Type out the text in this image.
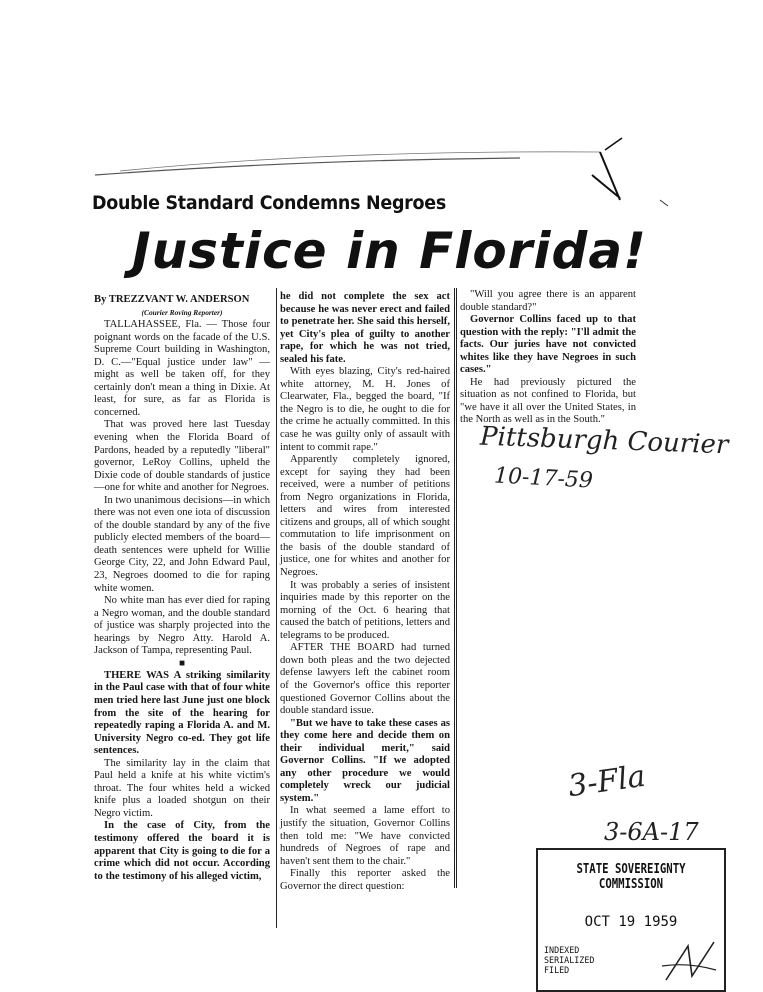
Double Standard Condemns Negroes
Justice in Florida!
By TREZZVANT W. ANDERSON
(Courier Roving Reporter)

TALLAHASSEE, Fla. — Those four poignant words on the facade of the U.S. Supreme Court building in Washington, D. C.—"Equal justice under law" —might as well be taken off, for they certainly don't mean a thing in Dixie. At least, for sure, as far as Florida is concerned.

That was proved here last Tuesday evening when the Florida Board of Pardons, headed by a reputedly "liberal" governor, LeRoy Collins, upheld the Dixie code of double standards of justice—one for white and another for Negroes.

In two unanimous decisions—in which there was not even one iota of discussion of the double standard by any of the five publicly elected members of the board—death sentences were upheld for Willie George City, 22, and John Edward Paul, 23, Negroes doomed to die for raping white women.

No white man has ever died for raping a Negro woman, and the double standard of justice was sharply projected into the hearings by Negro Atty. Harold A. Jackson of Tampa, representing Paul.

■

THERE WAS A striking similarity in the Paul case with that of four white men tried here last June just one block from the site of the hearing for repeatedly raping a Florida A. and M. University Negro co-ed. They got life sentences.

The similarity lay in the claim that Paul held a knife at his white victim's throat. The four whites held a wicked knife plus a loaded shotgun on their Negro victim.

In the case of City, from the testimony offered the board it is apparent that City is going to die for a crime which did not occur. According to the testimony of his alleged victim,

he did not complete the sex act because he was never erect and failed to penetrate her. She said this herself, yet City's plea of guilty to another rape, for which he was not tried, sealed his fate.

With eyes blazing, City's red-haired white attorney, M. H. Jones of Clearwater, Fla., begged the board, "If the Negro is to die, he ought to die for the crime he actually committed. In this case he was guilty only of assault with intent to commit rape."

Apparently completely ignored, except for saying they had been received, were a number of petitions from Negro organizations in Florida, letters and wires from interested citizens and groups, all of which sought commutation to life imprisonment on the basis of the double standard of justice, one for whites and another for Negroes.

It was probably a series of insistent inquiries made by this reporter on the morning of the Oct. 6 hearing that caused the batch of petitions, letters and telegrams to be produced.

AFTER THE BOARD had turned down both pleas and the two dejected defense lawyers left the cabinet room of the Governor's office this reporter questioned Governor Collins about the double standard issue.

"But we have to take these cases as they come here and decide them on their individual merit," said Governor Collins. "If we adopted any other procedure we would completely wreck our judicial system."

In what seemed a lame effort to justify the situation, Governor Collins then told me: "We have convicted hundreds of Negroes of rape and haven't sent them to the chair."

Finally this reporter asked the Governor the direct question:

"Will you agree there is an apparent double standard?"

Governor Collins faced up to that question with the reply: "I'll admit the facts. Our juries have not convicted whites like they have Negroes in such cases."

He had previously pictured the situation as not confined to Florida, but "we have it all over the United States, in the North as well as in the South."

Pittsburgh Courier
10-17-59
3-Fla
3-6A-17
STATE SOVEREIGNTY COMMISSION
OCT 19 1959
INDEXED
SERIALIZED
FILED
